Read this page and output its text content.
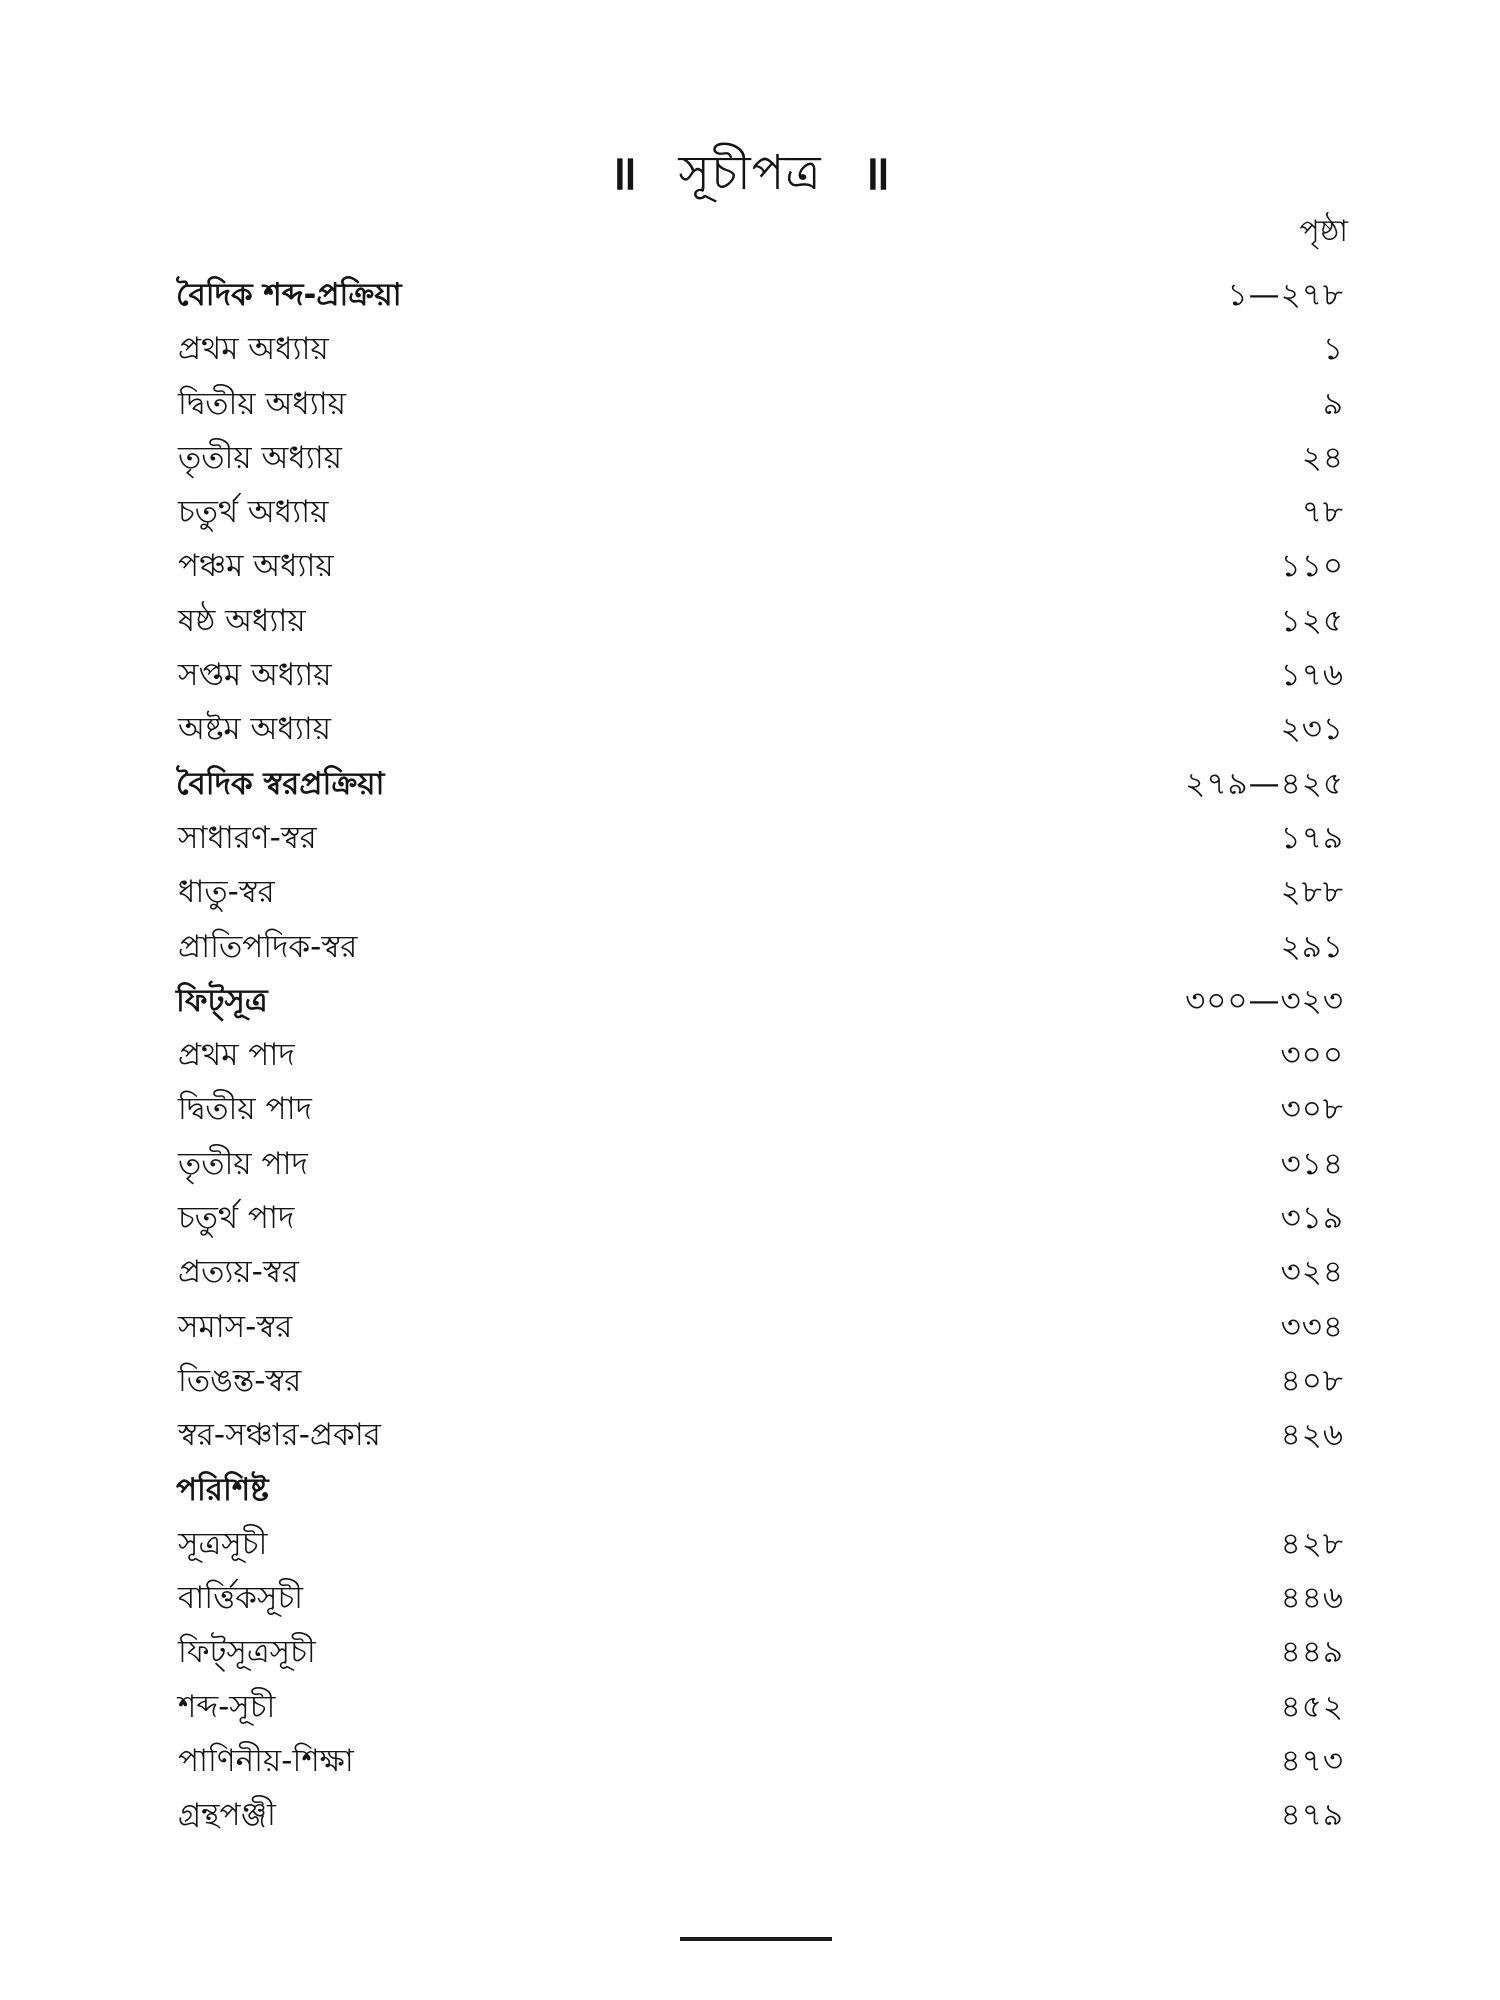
॥ সূচীপত্র ॥
পৃষ্ঠা
বৈদিক শব্দ-প্রক্রিয়া	১—২৭৮
প্রথম অধ্যায়	১
দ্বিতীয় অধ্যায়	৯
তৃতীয় অধ্যায়	২৪
চতুর্থ অধ্যায়	৭৮
পঞ্চম অধ্যায়	১১০
ষষ্ঠ অধ্যায়	১২৫
সপ্তম অধ্যায়	১৭৬
অষ্টম অধ্যায়	২৩১
বৈদিক স্বরপ্রক্রিয়া	২৭৯—৪২৫
সাধারণ-স্বর	১৭৯
ধাতু-স্বর	২৮৮
প্রাতিপদিক-স্বর	২৯১
ফিট্‌সূত্র	৩০০—৩২৩
প্রথম পাদ	৩০০
দ্বিতীয় পাদ	৩০৮
তৃতীয় পাদ	৩১৪
চতুর্থ পাদ	৩১৯
প্রত্যয়-স্বর	৩২৪
সমাস-স্বর	৩৩৪
তিঙন্ত-স্বর	৪০৮
স্বর-সঞ্চার-প্রকার	৪২৬
পরিশিষ্ট
সূত্রসূচী	৪২৮
বার্ত্তিকসূচী	৪৪৬
ফিট্‌সূত্রসূচী	৪৪৯
শব্দ-সূচী	৪৫২
পাণিনীয়-শিক্ষা	৪৭৩
গ্রন্থপঞ্জী	৪৭৯
